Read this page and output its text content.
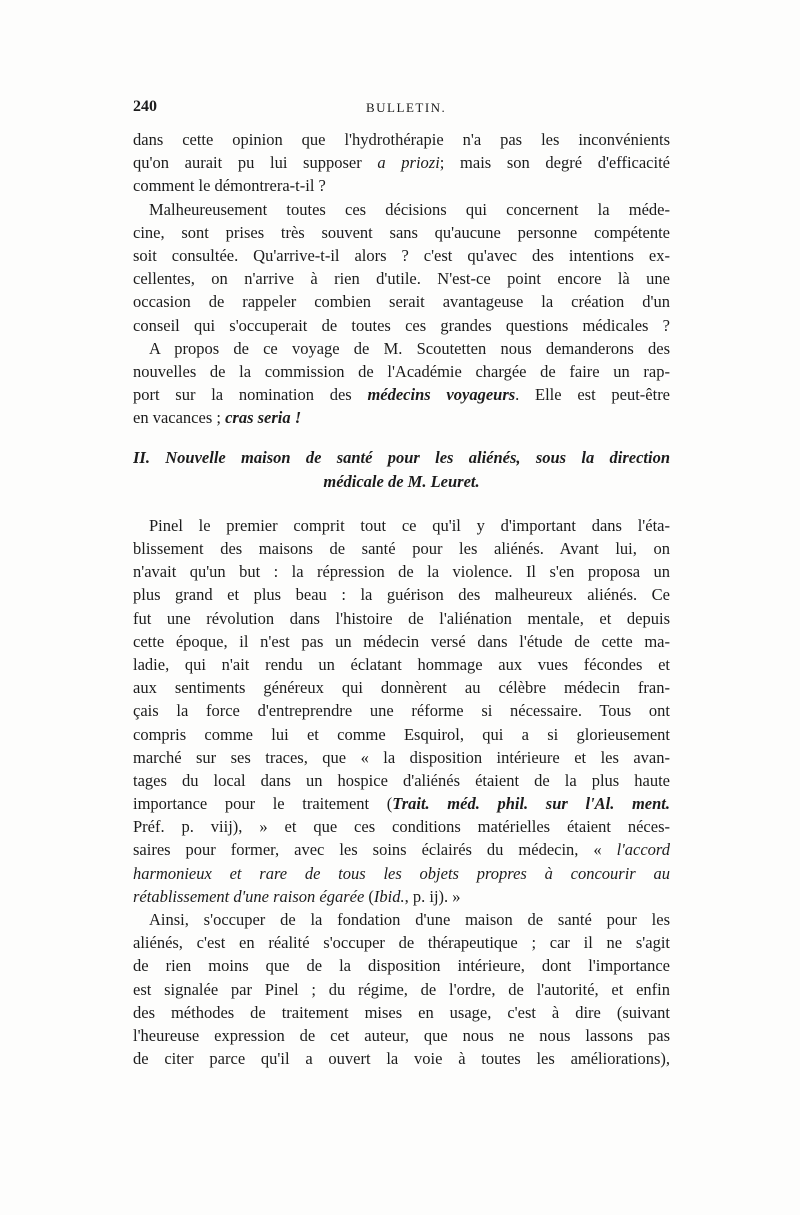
240	BULLETIN.
dans cette opinion que l'hydrothérapie n'a pas les inconvénients
qu'on aurait pu lui supposer a priozi; mais son degré d'efficacité
comment le démontrera-t-il ?
Malheureusement toutes ces décisions qui concernent la méde-
cine, sont prises très souvent sans qu'aucune personne compétente
soit consultée. Qu'arrive-t-il alors ? c'est qu'avec des intentions ex-
cellentes, on n'arrive à rien d'utile. N'est-ce point encore là une
occasion de rappeler combien serait avantageuse la création d'un
conseil qui s'occuperait de toutes ces grandes questions médicales ?
A propos de ce voyage de M. Scoutetten nous demanderons des
nouvelles de la commission de l'Académie chargée de faire un rap-
port sur la nomination des médecins voyageurs. Elle est peut-être
en vacances ; cras seria !
II. Nouvelle maison de santé pour les aliénés, sous la direction
médicale de M. Leuret.
Pinel le premier comprit tout ce qu'il y d'important dans l'éta-
blissement des maisons de santé pour les aliénés. Avant lui, on
n'avait qu'un but : la répression de la violence. Il s'en proposa un
plus grand et plus beau : la guérison des malheureux aliénés. Ce
fut une révolution dans l'histoire de l'aliénation mentale, et depuis
cette époque, il n'est pas un médecin versé dans l'étude de cette ma-
ladie, qui n'ait rendu un éclatant hommage aux vues fécondes et
aux sentiments généreux qui donnèrent au célèbre médecin fran-
çais la force d'entreprendre une réforme si nécessaire. Tous ont
compris comme lui et comme Esquirol, qui a si glorieusement
marché sur ses traces, que « la disposition intérieure et les avan-
tages du local dans un hospice d'aliénés étaient de la plus haute
importance pour le traitement (Trait. méd. phil. sur l'Al. ment.
Préf. p. viij), » et que ces conditions matérielles étaient néces-
saires pour former, avec les soins éclairés du médecin, « l'accord
harmonieux et rare de tous les objets propres à concourir au
rétablissement d'une raison égarée (Ibid., p. ij). »
Ainsi, s'occuper de la fondation d'une maison de santé pour les
aliénés, c'est en réalité s'occuper de thérapeutique ; car il ne s'agit
de rien moins que de la disposition intérieure, dont l'importance
est signalée par Pinel ; du régime, de l'ordre, de l'autorité, et enfin
des méthodes de traitement mises en usage, c'est à dire (suivant
l'heureuse expression de cet auteur, que nous ne nous lassons pas
de citer parce qu'il a ouvert la voie à toutes les améliorations),
